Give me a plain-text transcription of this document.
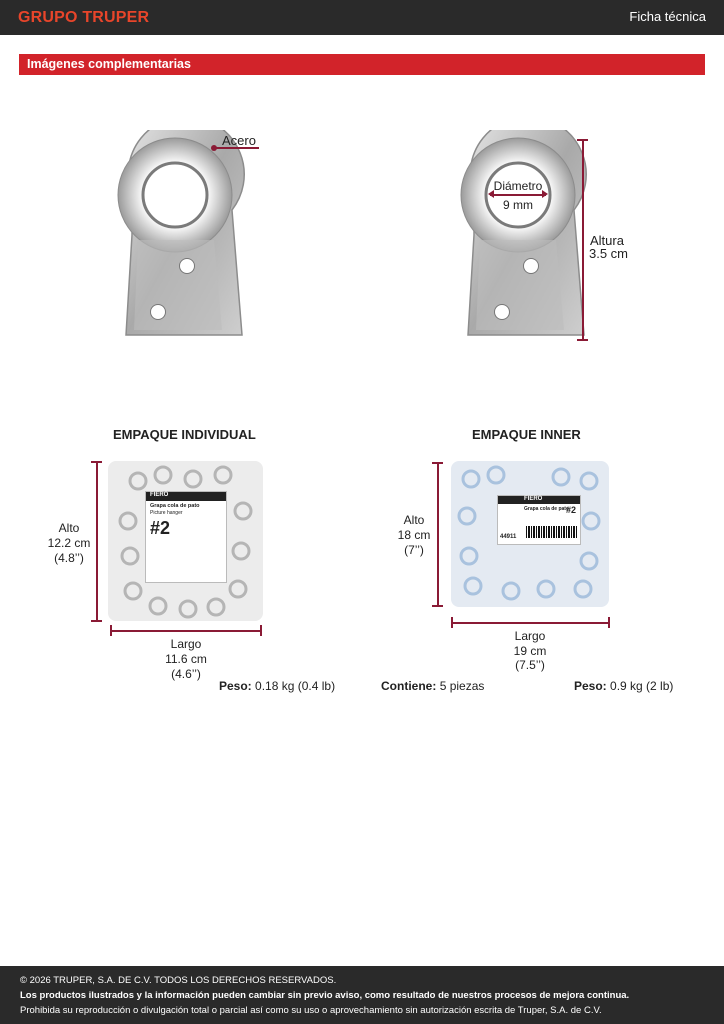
GRUPO TRUPER	Ficha técnica
Imágenes complementarias
Acero
Diámetro
9 mm
Altura
3.5 cm
EMPAQUE INDIVIDUAL
FIERO
Grapa cola de pato
Picture hanger
#2
Alto
12.2 cm
(4.8’’)
Largo
11.6 cm
(4.6’’)
Peso: 0.18 kg (0.4 lb)
EMPAQUE INNER
FIERO
Grapa cola de pato
#2
44911
Alto
18 cm
(7’’)
Largo
19 cm
(7.5’’)
Contiene: 5 piezas	Peso: 0.9 kg (2 lb)
© 2026 TRUPER, S.A. DE C.V. TODOS LOS DERECHOS RESERVADOS.
Los productos ilustrados y la información pueden cambiar sin previo aviso, como resultado de nuestros procesos de mejora continua.
Prohibida su reproducción o divulgación total o parcial así como su uso o aprovechamiento sin autorización escrita de Truper, S.A. de C.V.
